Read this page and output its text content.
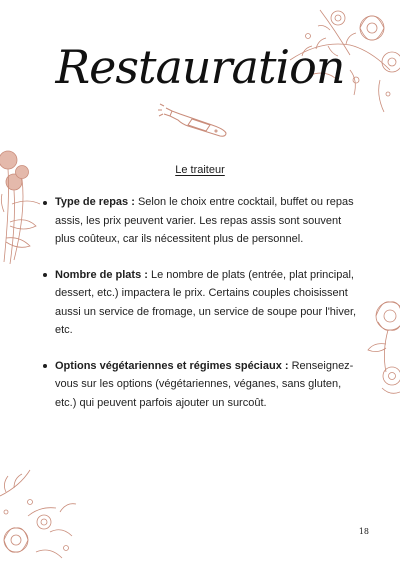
Restauration
Le traiteur
Type de repas : Selon le choix entre cocktail, buffet ou repas assis, les prix peuvent varier. Les repas assis sont souvent plus coûteux, car ils nécessitent plus de personnel.
Nombre de plats : Le nombre de plats (entrée, plat principal, dessert, etc.) impactera le prix. Certains couples choisissent aussi un service de fromage, un service de soupe pour l'hiver, etc.
Options végétariennes et régimes spéciaux : Renseignez-vous sur les options (végétariennes, véganes, sans gluten, etc.) qui peuvent parfois ajouter un surcoût.
18
